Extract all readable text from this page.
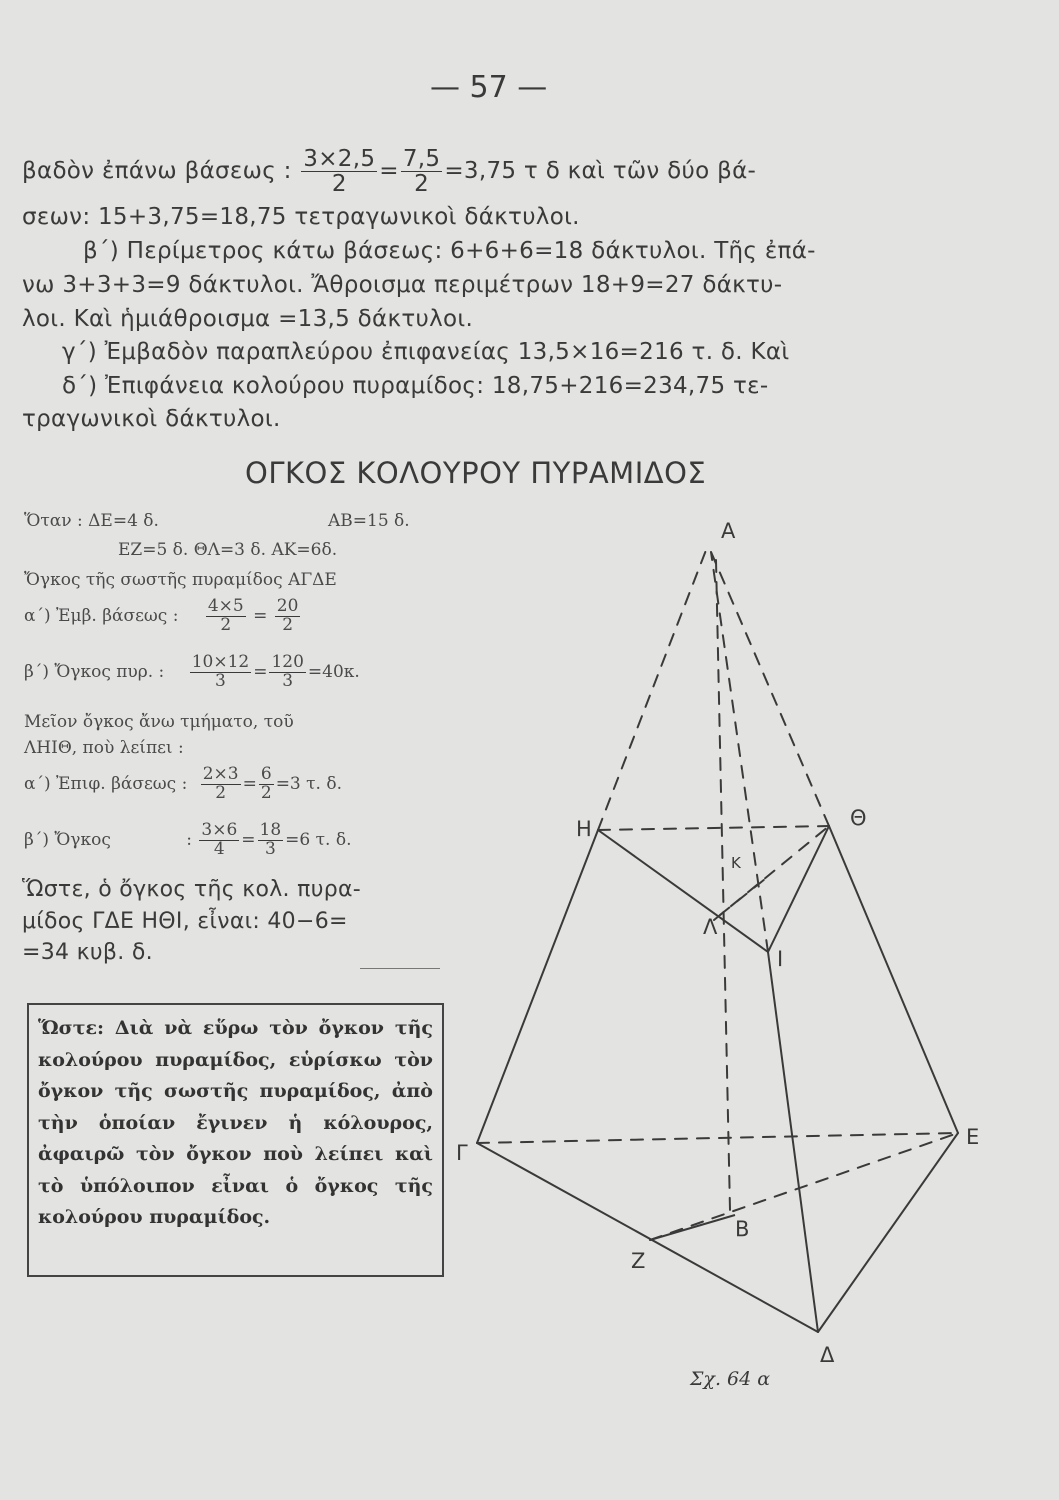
— 57 —
βαδὸν ἐπάνω βάσεως : $\frac{3\times 2,5}{2} = \frac{7,5}{2} =3,75$ τ δ καὶ τῶν δύο βά-
σεων: 15+3,75=18,75 τετραγωνικοὶ δάκτυλοι.
β΄) Περίμετρος κάτω βάσεως: 6+6+6=18 δάκτυλοι. Τῆς ἐπά-
νω 3+3+3=9 δάκτυλοι. Ἄθροισμα περιμέτρων 18+9=27 δάκτυ-
λοι. Καὶ ἡμιάθροισμα =13,5 δάκτυλοι.
γ΄) Ἐμβαδὸν παραπλεύρου ἐπιφανείας 13,5×16=216 τ. δ. Καὶ
δ΄) Ἐπιφάνεια κολούρου πυραμίδος: 18,75+216=234,75 τε-
τραγωνικοὶ δάκτυλοι.
ΟΓΚΟΣ ΚΟΛΟΥΡΟΥ ΠΥΡΑΜΙΔΟΣ
Ὅταν : ΔΕ=4 δ.	ΑΒ=15 δ.
ΕΖ=5 δ. ΘΛ=3 δ. ΑΚ=6δ.
Ὄγκος τῆς σωστῆς πυραμίδος ΑΓΔΕ
α΄) Ἐμβ. βάσεως : $\frac{4\times 5}{2} = \frac{20}{2}$
β΄) Ὄγκος πυρ. : $\frac{10\times 12}{3} = \frac{120}{3} =40\kappa$.
Μεῖον ὄγκος ἄνω τμήματο, τοῦ
ΛΗΙΘ, ποὺ λείπει :
α΄) Ἐπιφ. βάσεως : $\frac{2\times 3}{2} = \frac{6}{2} =3$ τ. δ.
β΄) Ὄγκος	: $\frac{3\times 6}{4} = \frac{18}{3} =6$ τ. δ.
Ὥστε, ὁ ὄγκος τῆς κολ. πυρα-
μίδος ΓΔΕ ΗΘΙ, εἶναι: 40−6=
=34 κυβ. δ.
Ὥστε: Διὰ νὰ εὕρω τὸν ὄγκον τῆς κολούρου πυραμίδος, εὑρίσκω τὸν ὄγκον τῆς σωστῆς πυραμίδος, ἀπὸ τὴν ὁποίαν ἔγινεν ἡ κόλουρος, ἀφαιρῶ τὸν ὄγκον ποὺ λείπει καὶ τὸ ὑπόλοιπον εἶναι ὁ ὄγκος τῆς κολούρου πυραμίδος.
Α
Η	Θ
Κ
Λ
Ι
Γ
Ε
Β
Ζ
Δ
Σχ. 64 α
